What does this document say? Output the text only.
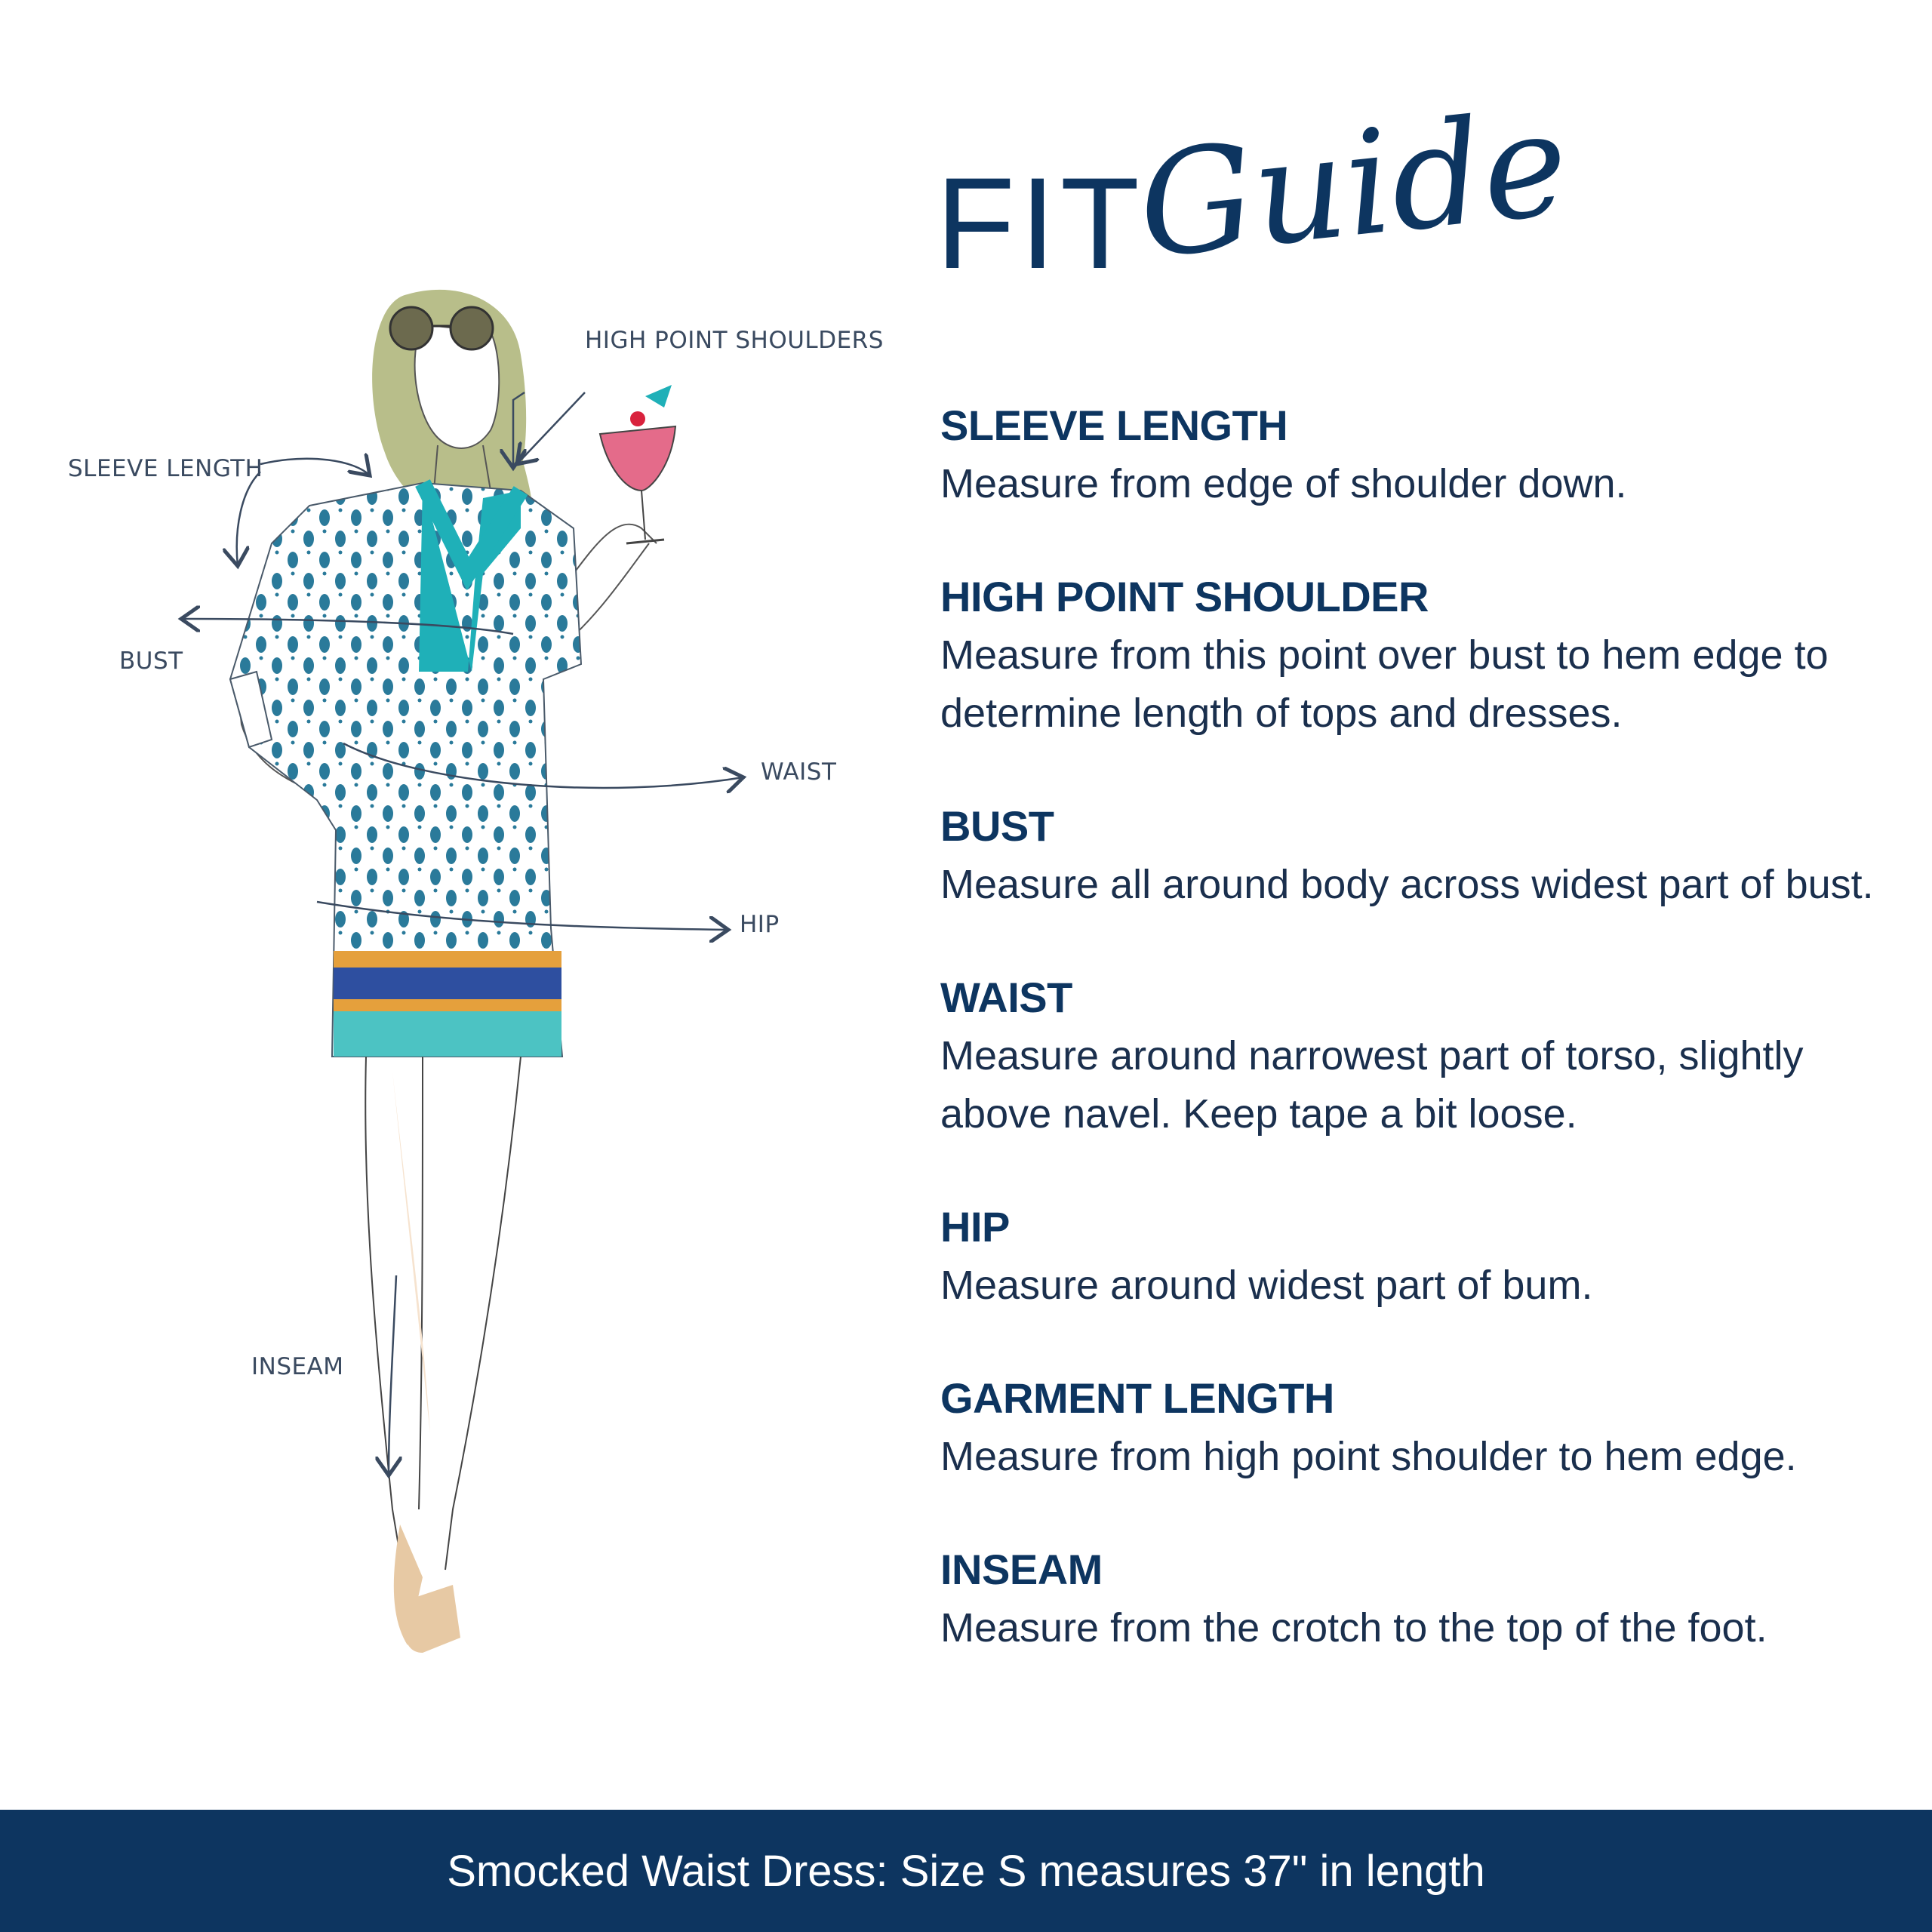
HIGH POINT SHOULDERS
SLEEVE LENGTH
BUST
WAIST
HIP
INSEAM
FIT
Guide
SLEEVE LENGTH
Measure from edge of shoulder down.
HIGH POINT SHOULDER
Measure from this point over bust to hem edge to determine length of tops and dresses.
BUST
Measure all around body across widest part of bust.
WAIST
Measure around narrowest part of torso, slightly above navel. Keep tape a bit loose.
HIP
Measure around widest part of bum.
GARMENT LENGTH
Measure from high point shoulder to hem edge.
INSEAM
Measure from the crotch to the top of the foot.
Smocked Waist Dress: Size S measures 37" in length
